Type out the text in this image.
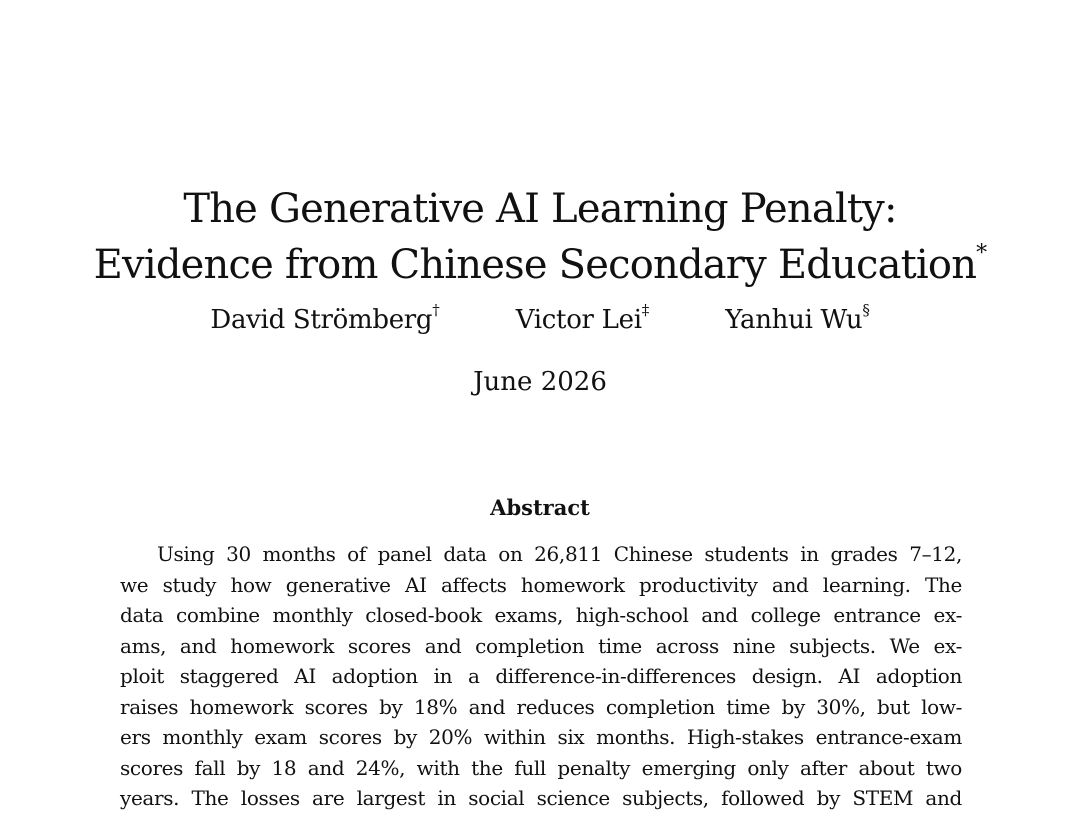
The Generative AI Learning Penalty:
Evidence from Chinese Secondary Education*
David Strömberg†	Victor Lei‡	Yanhui Wu§
June 2026
Abstract
Using 30 months of panel data on 26,811 Chinese students in grades 7–12,
we study how generative AI affects homework productivity and learning. The
data combine monthly closed-book exams, high-school and college entrance ex-
ams, and homework scores and completion time across nine subjects. We ex-
ploit staggered AI adoption in a difference-in-differences design. AI adoption
raises homework scores by 18% and reduces completion time by 30%, but low-
ers monthly exam scores by 20% within six months. High-stakes entrance-exam
scores fall by 18 and 24%, with the full penalty emerging only after about two
years. The losses are largest in social science subjects, followed by STEM and
